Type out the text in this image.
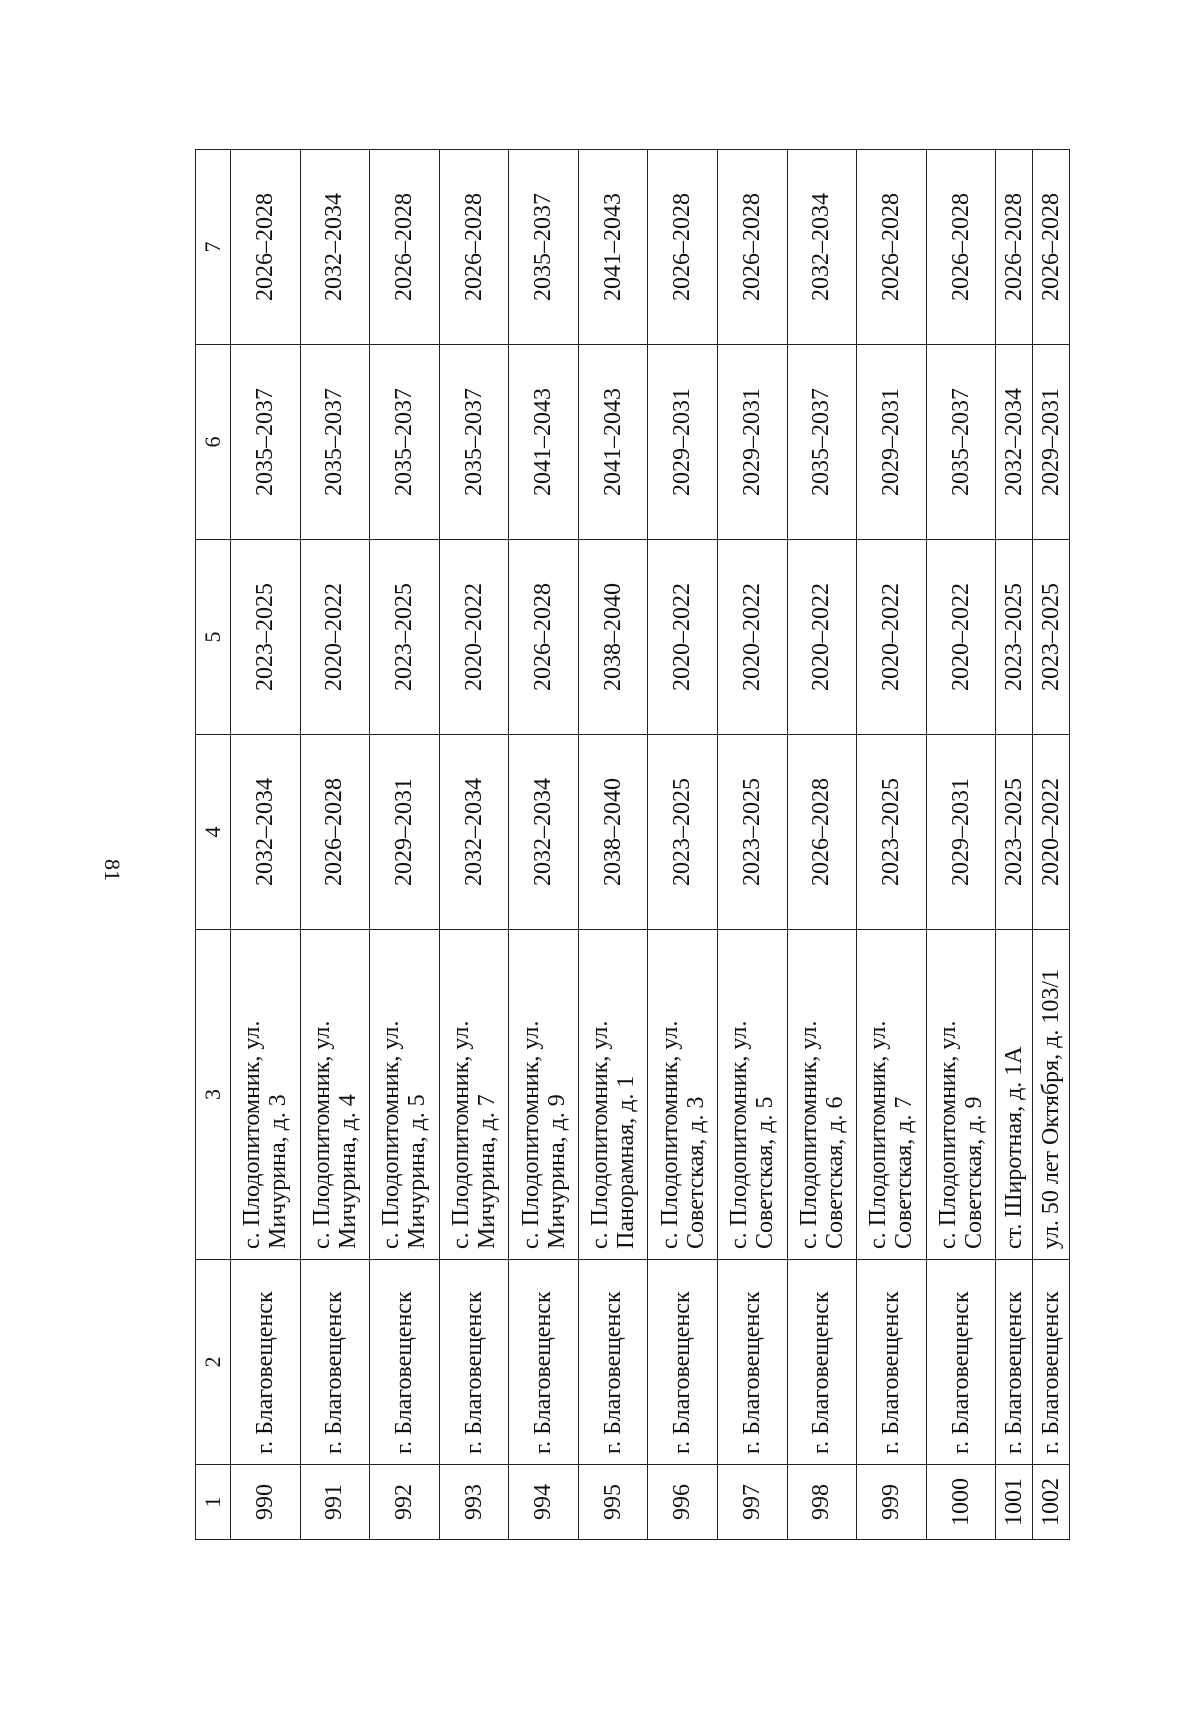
81
1	2	3	4	5	6	7
990	г. Благовещенск	с. Плодопитомник, ул. Мичурина, д. 3	2032–2034	2023–2025	2035–2037	2026–2028
991	г. Благовещенск	с. Плодопитомник, ул. Мичурина, д. 4	2026–2028	2020–2022	2035–2037	2032–2034
992	г. Благовещенск	с. Плодопитомник, ул. Мичурина, д. 5	2029–2031	2023–2025	2035–2037	2026–2028
993	г. Благовещенск	с. Плодопитомник, ул. Мичурина, д. 7	2032–2034	2020–2022	2035–2037	2026–2028
994	г. Благовещенск	с. Плодопитомник, ул. Мичурина, д. 9	2032–2034	2026–2028	2041–2043	2035–2037
995	г. Благовещенск	с. Плодопитомник, ул. Панорамная, д. 1	2038–2040	2038–2040	2041–2043	2041–2043
996	г. Благовещенск	с. Плодопитомник, ул. Советская, д. 3	2023–2025	2020–2022	2029–2031	2026–2028
997	г. Благовещенск	с. Плодопитомник, ул. Советская, д. 5	2023–2025	2020–2022	2029–2031	2026–2028
998	г. Благовещенск	с. Плодопитомник, ул. Советская, д. 6	2026–2028	2020–2022	2035–2037	2032–2034
999	г. Благовещенск	с. Плодопитомник, ул. Советская, д. 7	2023–2025	2020–2022	2029–2031	2026–2028
1000	г. Благовещенск	с. Плодопитомник, ул. Советская, д. 9	2029–2031	2020–2022	2035–2037	2026–2028
1001	г. Благовещенск	ст. Широтная, д. 1А	2023–2025	2023–2025	2032–2034	2026–2028
1002	г. Благовещенск	ул. 50 лет Октября, д. 103/1	2020–2022	2023–2025	2029–2031	2026–2028
